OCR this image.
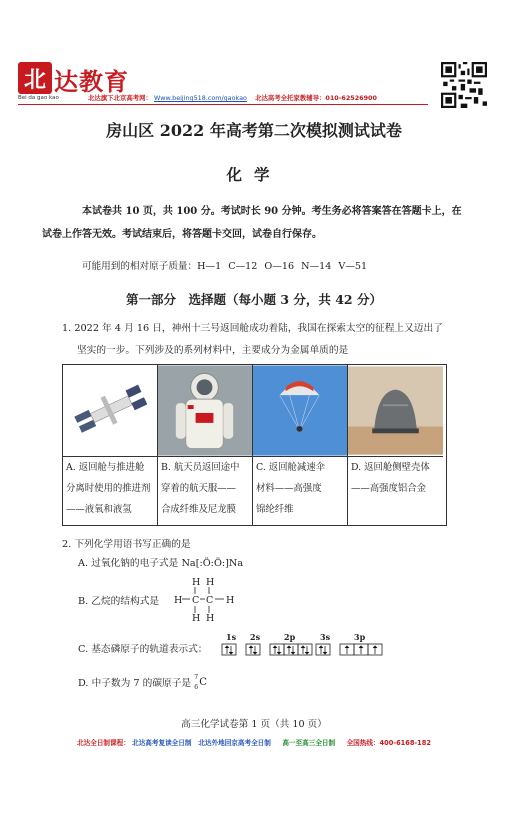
北 达教育
Bei da gao kao	北达旗下北京高考网： Www.beijing518.com/gaokao 北达高考全托家教辅导：010-62526900
房山区 2022 年高考第二次模拟测试试卷
化学
本试卷共 10 页，共 100 分。考试时长 90 分钟。考生务必将答案答在答题卡上，在
试卷上作答无效。考试结束后，将答题卡交回，试卷自行保存。
可能用到的相对原子质量：H—1 C—12 O—16 N—14 V—51
第一部分　选择题（每小题 3 分，共 42 分）
1. 2022 年 4 月 16 日，神州十三号返回舱成功着陆，我国在探索太空的征程上又迈出了
坚实的一步。下列涉及的系列材料中，主要成分为金属单质的是
A. 返回舱与推进舱
分离时使用的推进剂
——液氧和液氢
B. 航天员返回途中
穿着的航天服——
合成纤维及尼龙膜
C. 返回舱减速伞
材料——高强度
锦纶纤维
D. 返回舱侧壁壳体
——高强度铝合金
2. 下列化学用语书写正确的是
A. 过氧化钠的电子式是 Na[:Ö:Ö:]Na
B. 乙烷的结构式是
H H
H C C H
H H
C. 基态磷原子的轨道表示式：
1s 2s	2p	3s	3p
D. 中子数为 7 的碳原子是
7
6 C
高三化学试卷第 1 页（共 10 页）
北达全日制课程： 北达高考复读全日制 北达外地回京高考全日制 高一至高三全日制 全国热线：400-6168-182
